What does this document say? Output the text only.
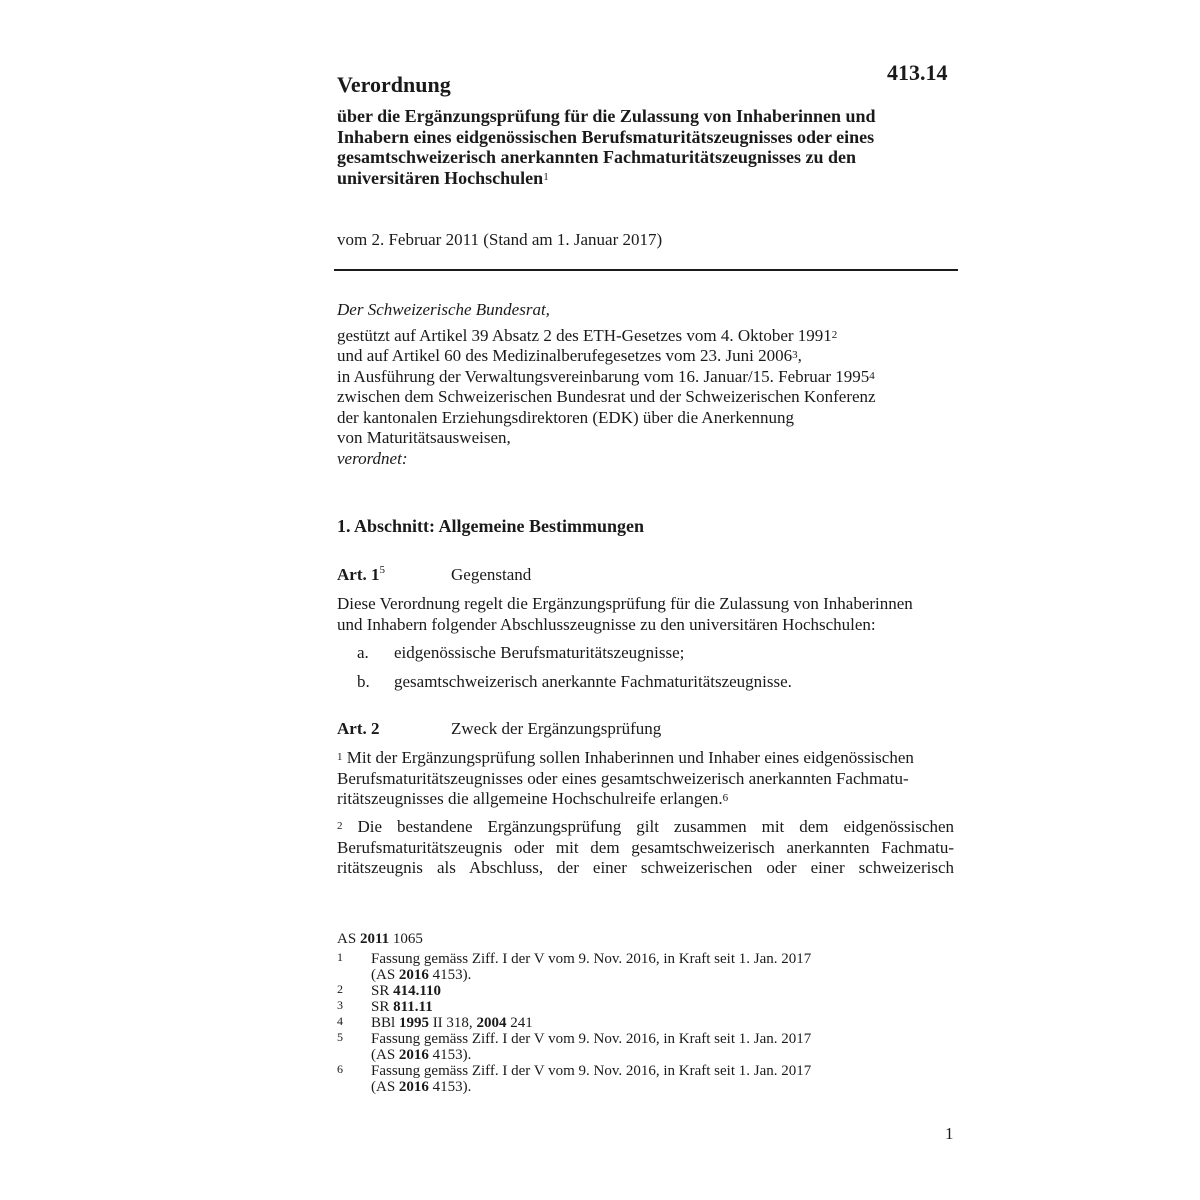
413.14
Verordnung
über die Ergänzungsprüfung für die Zulassung von Inhaberinnen und
Inhabern eines eidgenössischen Berufsmaturitätszeugnisses oder eines
gesamtschweizerisch anerkannten Fachmaturitätszeugnisses zu den
universitären Hochschulen$^1$
vom 2. Februar 2011 (Stand am 1. Januar 2017)
Der Schweizerische Bundesrat,
gestützt auf Artikel 39 Absatz 2 des ETH-Gesetzes vom 4. Oktober 1991$^2$
und auf Artikel 60 des Medizinalberufegesetzes vom 23. Juni 2006$^3$,
in Ausführung der Verwaltungsvereinbarung vom 16. Januar/15. Februar 1995$^4$
zwischen dem Schweizerischen Bundesrat und der Schweizerischen Konferenz
der kantonalen Erziehungsdirektoren (EDK) über die Anerkennung
von Maturitätsausweisen,
verordnet:
1. Abschnitt: Allgemeine Bestimmungen
Art. $1^5$	Gegenstand
Diese Verordnung regelt die Ergänzungsprüfung für die Zulassung von Inhaberinnen
und Inhabern folgender Abschlusszeugnisse zu den universitären Hochschulen:
a. eidgenössische Berufsmaturitätszeugnisse;
b. gesamtschweizerisch anerkannte Fachmaturitätszeugnisse.
Art. 2	Zweck der Ergänzungsprüfung
$^1$ Mit der Ergänzungsprüfung sollen Inhaberinnen und Inhaber eines eidgenössischen
Berufsmaturitätszeugnisses oder eines gesamtschweizerisch anerkannten Fachmatu-
ritätszeugnisses die allgemeine Hochschulreife erlangen.$^6$
$^2$ Die bestandene Ergänzungsprüfung gilt zusammen mit dem eidgenössischen
Berufsmaturitätszeugnis oder mit dem gesamtschweizerisch anerkannten Fachmatu-
ritätszeugnis als Abschluss, der einer schweizerischen oder einer schweizerisch
AS 2011 1065
1 Fassung gemäss Ziff. I der V vom 9. Nov. 2016, in Kraft seit 1. Jan. 2017
(AS 2016 4153).
2 SR 414.110
3 SR 811.11
4 BBl 1995 II 318, 2004 241
5 Fassung gemäss Ziff. I der V vom 9. Nov. 2016, in Kraft seit 1. Jan. 2017
(AS 2016 4153).
6 Fassung gemäss Ziff. I der V vom 9. Nov. 2016, in Kraft seit 1. Jan. 2017
(AS 2016 4153).
1
